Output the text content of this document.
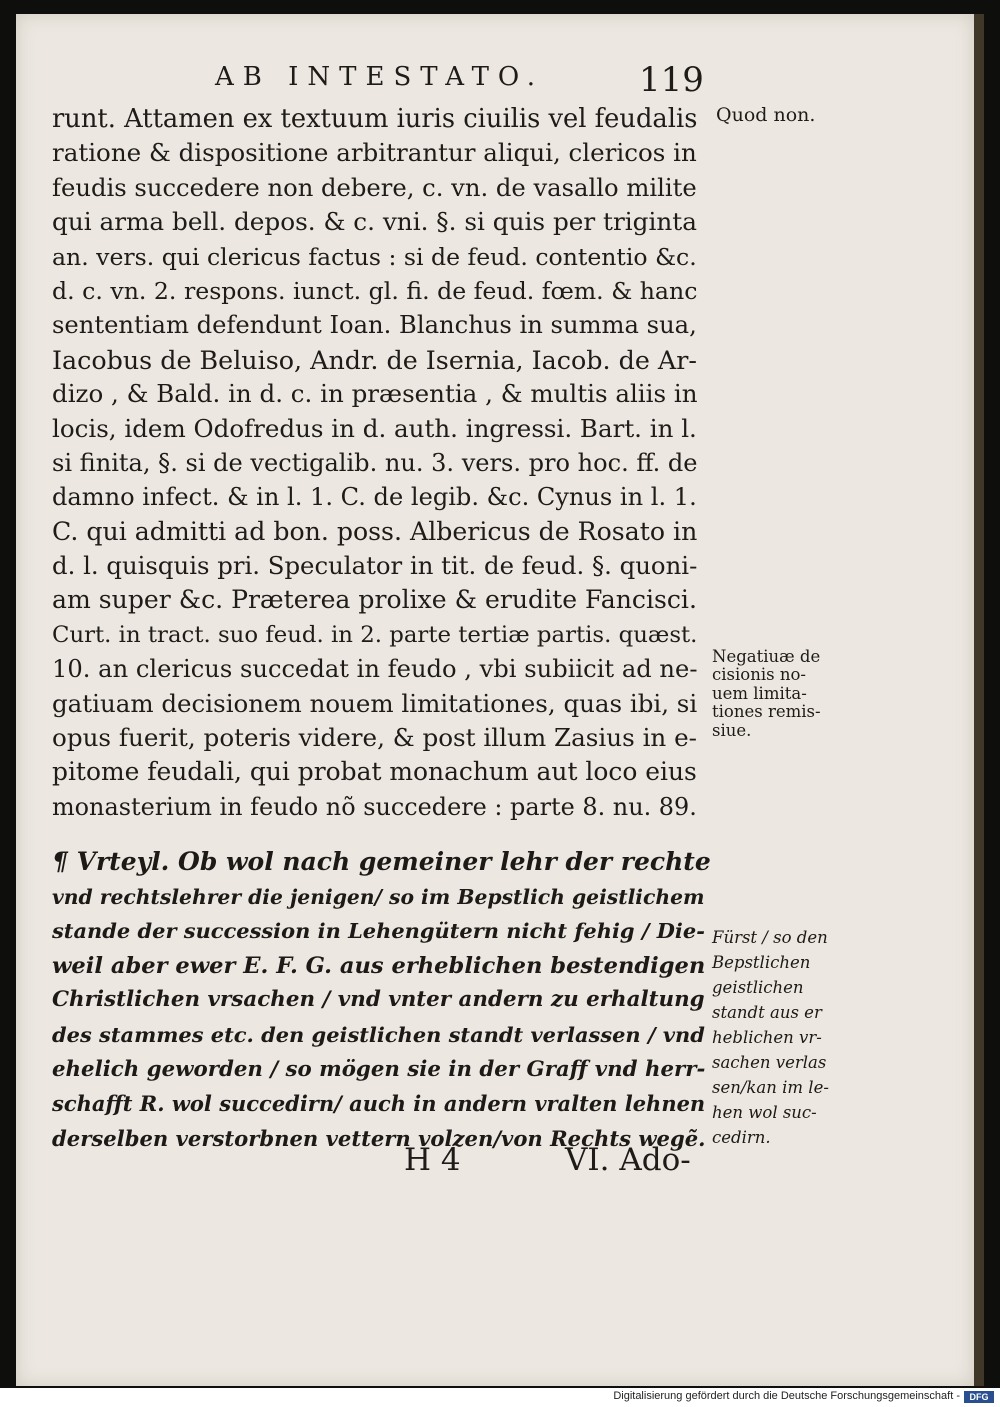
AB INTESTATO.	119
Quod non.
runt. Attamen ex textuum iuris ciuilis vel feudalis
ratione & dispositione arbitrantur aliqui, clericos in
feudis succedere non debere, c. vn. de vasallo milite
qui arma bell. depos. & c. vni. §. si quis per triginta
an. vers. qui clericus factus : si de feud. contentio &c.
d. c. vn. 2. respons. iunct. gl. fi. de feud. fœm. & hanc
sententiam defendunt Ioan. Blanchus in summa sua,
Iacobus de Beluiso, Andr. de Isernia, Iacob. de Ar-
dizo , & Bald. in d. c. in præsentia , & multis aliis in
locis, idem Odofredus in d. auth. ingressi. Bart. in l.
si finita, §. si de vectigalib. nu. 3. vers. pro hoc. ff. de
damno infect. & in l. 1. C. de legib. &c. Cynus in l. 1.
C. qui admitti ad bon. poss. Albericus de Rosato in
d. l. quisquis pri. Speculator in tit. de feud. §. quoni-
am super &c. Præterea prolixe & erudite Fancisci.
Curt. in tract. suo feud. in 2. parte tertiæ partis. quæst.
10. an clericus succedat in feudo , vbi subiicit ad ne-
gatiuam decisionem nouem limitationes, quas ibi, si
opus fuerit, poteris videre, & post illum Zasius in e-
pitome feudali, qui probat monachum aut loco eius
monasterium in feudo nõ succedere : parte 8. nu. 89.
Negatiuæ de
cisionis no-
uem limita-
tiones remis-
siue.
¶ Vrteyl. Ob wol nach gemeiner lehr der rechte
vnd rechtslehrer die jenigen/ so im Bepstlich geistlichem
stande der succession in Lehengütern nicht fehig / Die-
weil aber ewer E. F. G. aus erheblichen bestendigen
Christlichen vrsachen / vnd vnter andern zu erhaltung
des stammes etc. den geistlichen standt verlassen / vnd
ehelich geworden / so mögen sie in der Graff vnd herr-
schafft R. wol succedirn/ auch in andern vralten lehnen
derselben verstorbnen vettern volzen/von Rechts wegẽ.
Fürst / so den
Bepstlichen
geistlichen
standt aus er
heblichen vr-
sachen verlas
sen/kan im le-
hen wol suc-
cedirn.
H 4	VI. Ado-
Digitalisierung gefördert durch die Deutsche Forschungsgemeinschaft -	DFG
